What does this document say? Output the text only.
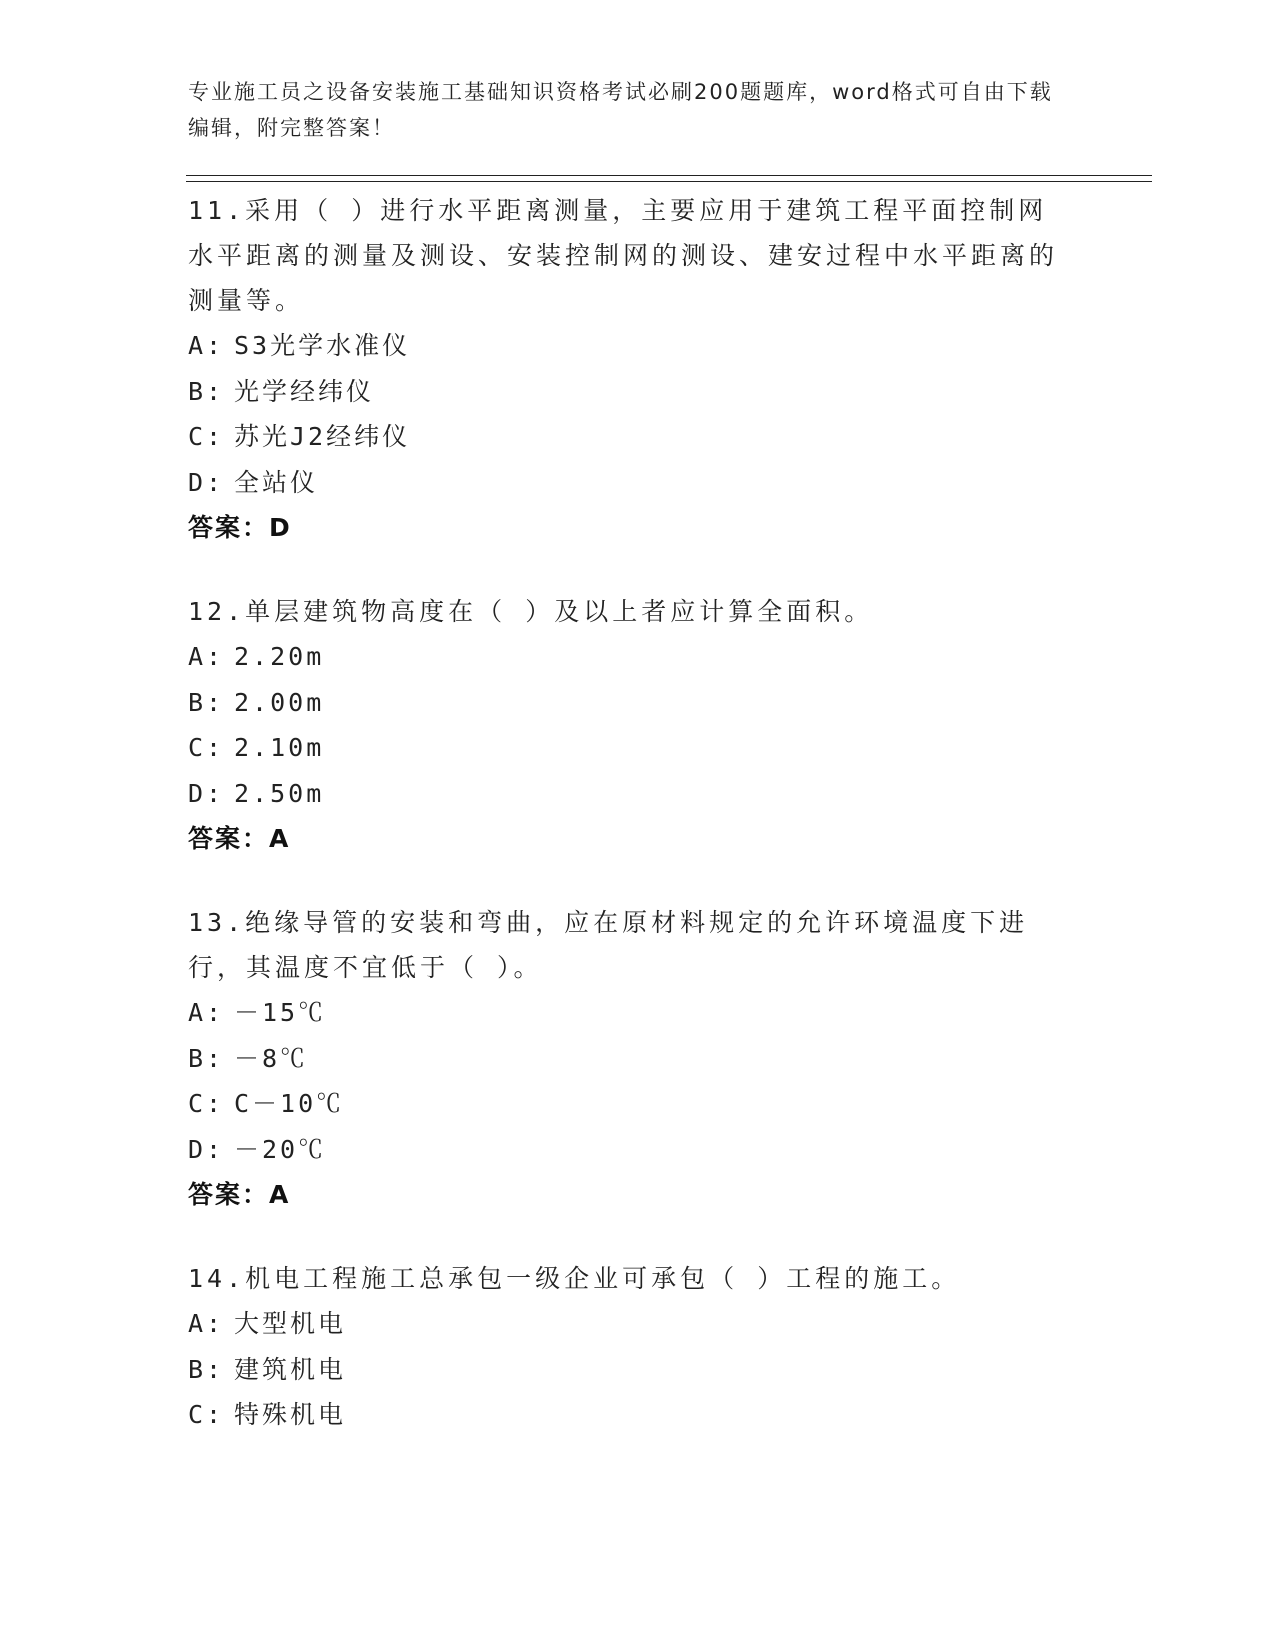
专业施工员之设备安装施工基础知识资格考试必刷200题题库，word格式可自由下载编辑，附完整答案！

11.采用（ ）进行水平距离测量，主要应用于建筑工程平面控制网水平距离的测量及测设、安装控制网的测设、建安过程中水平距离的测量等。

A: S3光学水准仪

B: 光学经纬仪

C: 苏光J2经纬仪

D: 全站仪

答案：D

12.单层建筑物高度在（ ）及以上者应计算全面积。

A: 2.20m

B: 2.00m

C: 2.10m

D: 2.50m

答案：A

13.绝缘导管的安装和弯曲，应在原材料规定的允许环境温度下进行，其温度不宜低于（ ）。

A: －15℃

B: －8℃

C: C－10℃

D: －20℃

答案：A

14.机电工程施工总承包一级企业可承包（ ）工程的施工。

A: 大型机电

B: 建筑机电

C: 特殊机电
